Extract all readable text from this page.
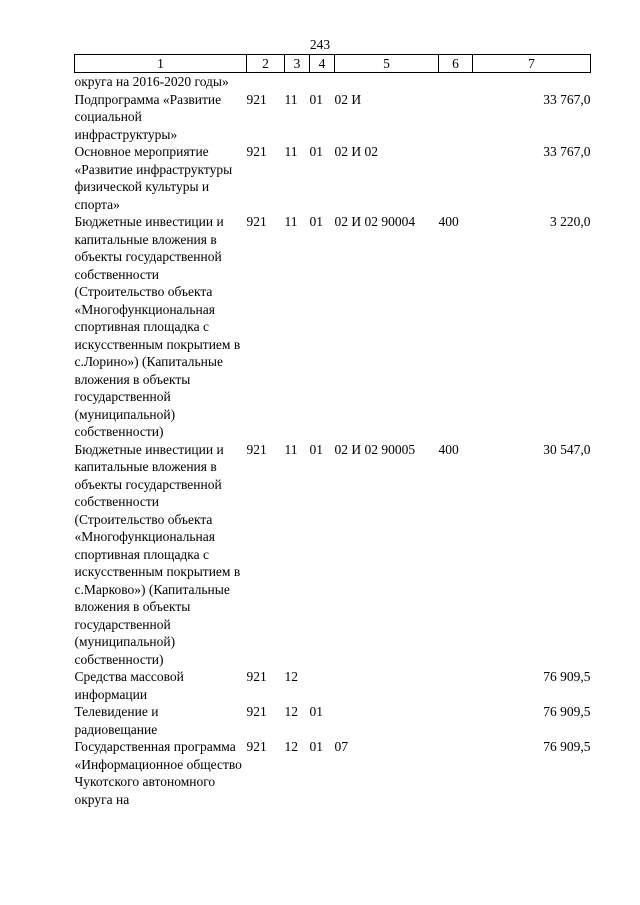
243
1	2	3	4	5	6	7
округа на 2016-2020 годы»						
Подпрограмма «Развитие социальной инфраструктуры»	921	11	01	02 И		33 767,0
Основное мероприятие «Развитие инфраструктуры физической культуры и спорта»	921	11	01	02 И 02		33 767,0
Бюджетные инвестиции и капитальные вложения в объекты государственной собственности (Строительство объекта «Многофункциональная спортивная площадка с искусственным покрытием в с.Лорино») (Капитальные вложения в объекты государственной (муниципальной) собственности)	921	11	01	02 И 02 90004	400	3 220,0
Бюджетные инвестиции и капитальные вложения в объекты государственной собственности (Строительство объекта «Многофункциональная спортивная площадка с искусственным покрытием в с.Марково») (Капитальные вложения в объекты государственной (муниципальной) собственности)	921	11	01	02 И 02 90005	400	30 547,0
Средства массовой информации	921	12				76 909,5
Телевидение и радиовещание	921	12	01			76 909,5
Государственная программа «Информационное общество Чукотского автономного округа на	921	12	01	07		76 909,5
